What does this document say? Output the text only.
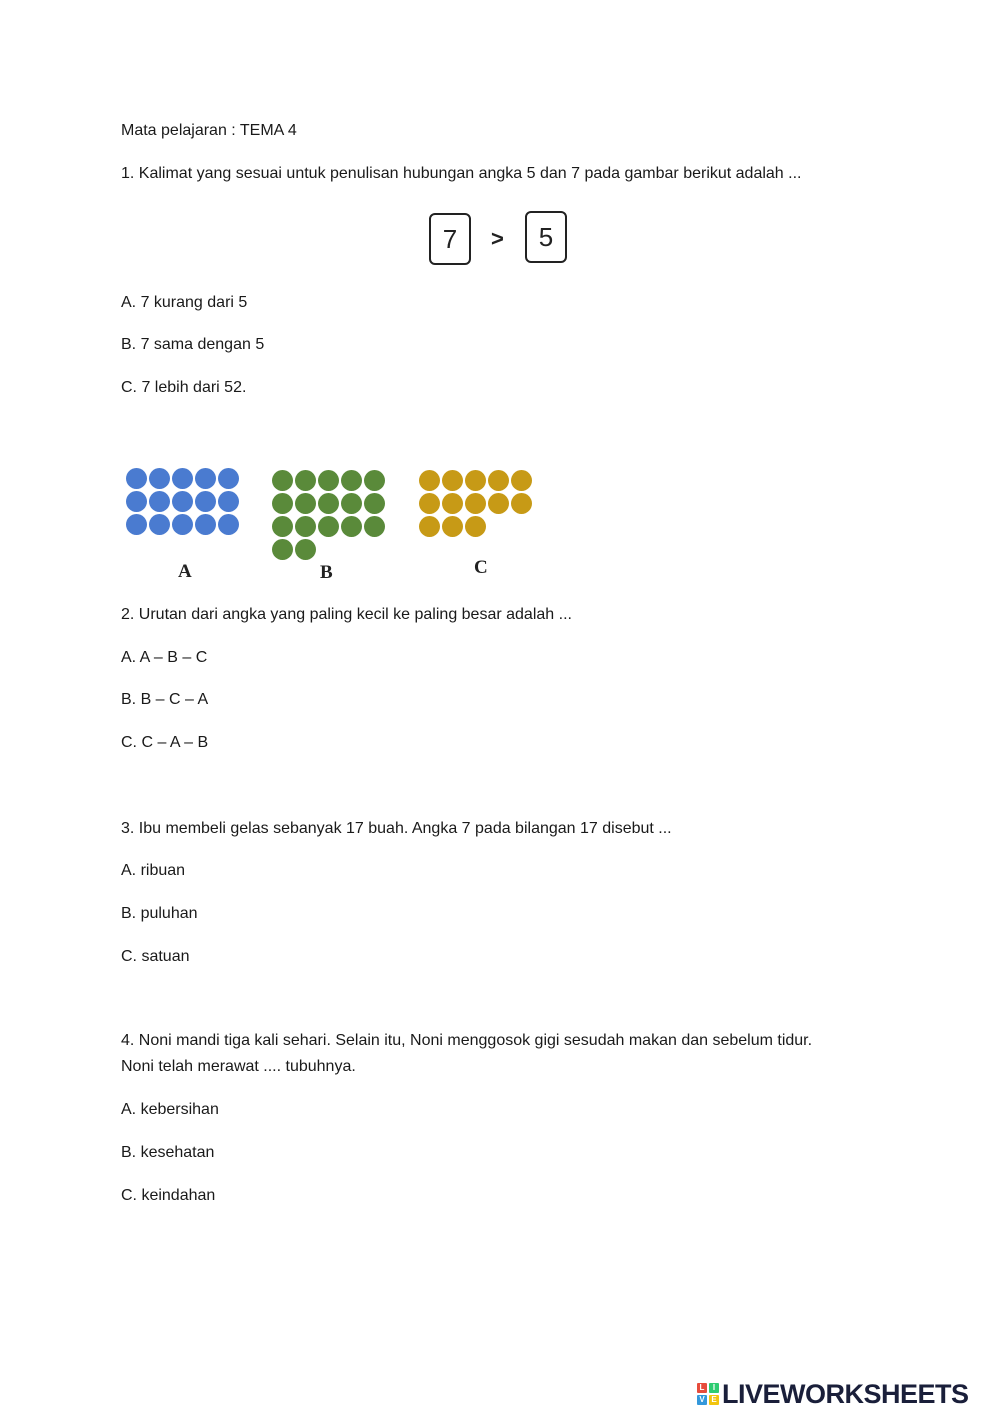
Mata pelajaran : TEMA 4
1. Kalimat yang sesuai untuk penulisan hubungan angka 5 dan 7 pada gambar berikut adalah ...
7	>	5
A. 7 kurang dari 5
B. 7 sama dengan 5
C. 7 lebih dari 52.
A	B	C
2. Urutan dari angka yang paling kecil ke paling besar adalah ...
A. A – B – C
B. B – C – A
C. C – A – B
3. Ibu membeli gelas sebanyak 17 buah. Angka 7 pada bilangan 17 disebut ...
A. ribuan
B. puluhan
C. satuan
4. Noni mandi tiga kali sehari. Selain itu, Noni menggosok gigi sesudah makan dan sebelum tidur.
Noni telah merawat .... tubuhnya.
A. kebersihan
B. kesehatan
C. keindahan
L	I
V E LIVEWORKSHEETS
